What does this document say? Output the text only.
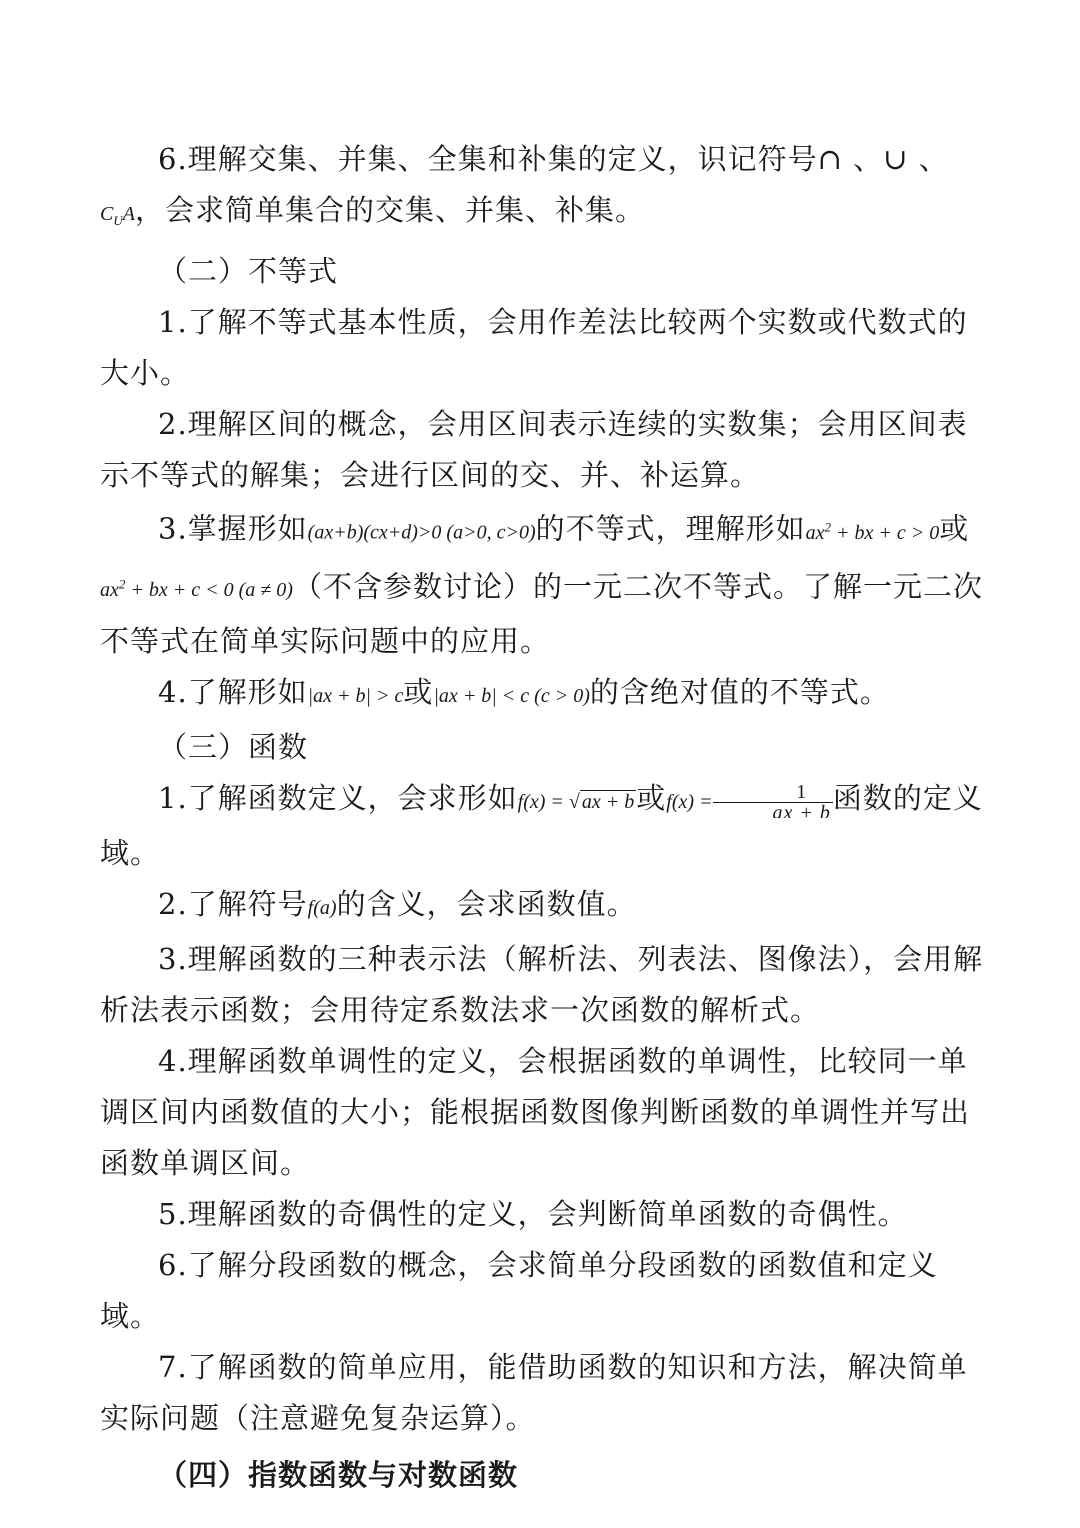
6.理解交集、并集、全集和补集的定义，识记符号∩ 、∪ 、$C_UA$，会求简单集合的交集、并集、补集。

（二）不等式

1.了解不等式基本性质，会用作差法比较两个实数或代数式的大小。

2.理解区间的概念，会用区间表示连续的实数集；会用区间表示不等式的解集；会进行区间的交、并、补运算。

3.掌握形如(ax+b)(cx+d)>0 (a>0, c>0)的不等式，理解形如$ax^2$ + bx + c > 0或$ax^2$ + bx + c < 0 (a ≠ 0)（不含参数讨论）的一元二次不等式。了解一元二次不等式在简单实际问题中的应用。

4.了解形如|ax + b| > c或|ax + b| < c (c > 0)的含绝对值的不等式。

（三）函数

1.了解函数定义，会求形如f(x) = √ ax + b或$f(x) = \frac{1}{ax + b}$ 函数的定义域。

2.了解符号f(a)的含义，会求函数值。

3.理解函数的三种表示法（解析法、列表法、图像法），会用解析法表示函数；会用待定系数法求一次函数的解析式。

4.理解函数单调性的定义，会根据函数的单调性，比较同一单调区间内函数值的大小；能根据函数图像判断函数的单调性并写出函数单调区间。

5.理解函数的奇偶性的定义，会判断简单函数的奇偶性。

6.了解分段函数的概念，会求简单分段函数的函数值和定义域。

7.了解函数的简单应用，能借助函数的知识和方法，解决简单实际问题（注意避免复杂运算）。

（四）指数函数与对数函数
